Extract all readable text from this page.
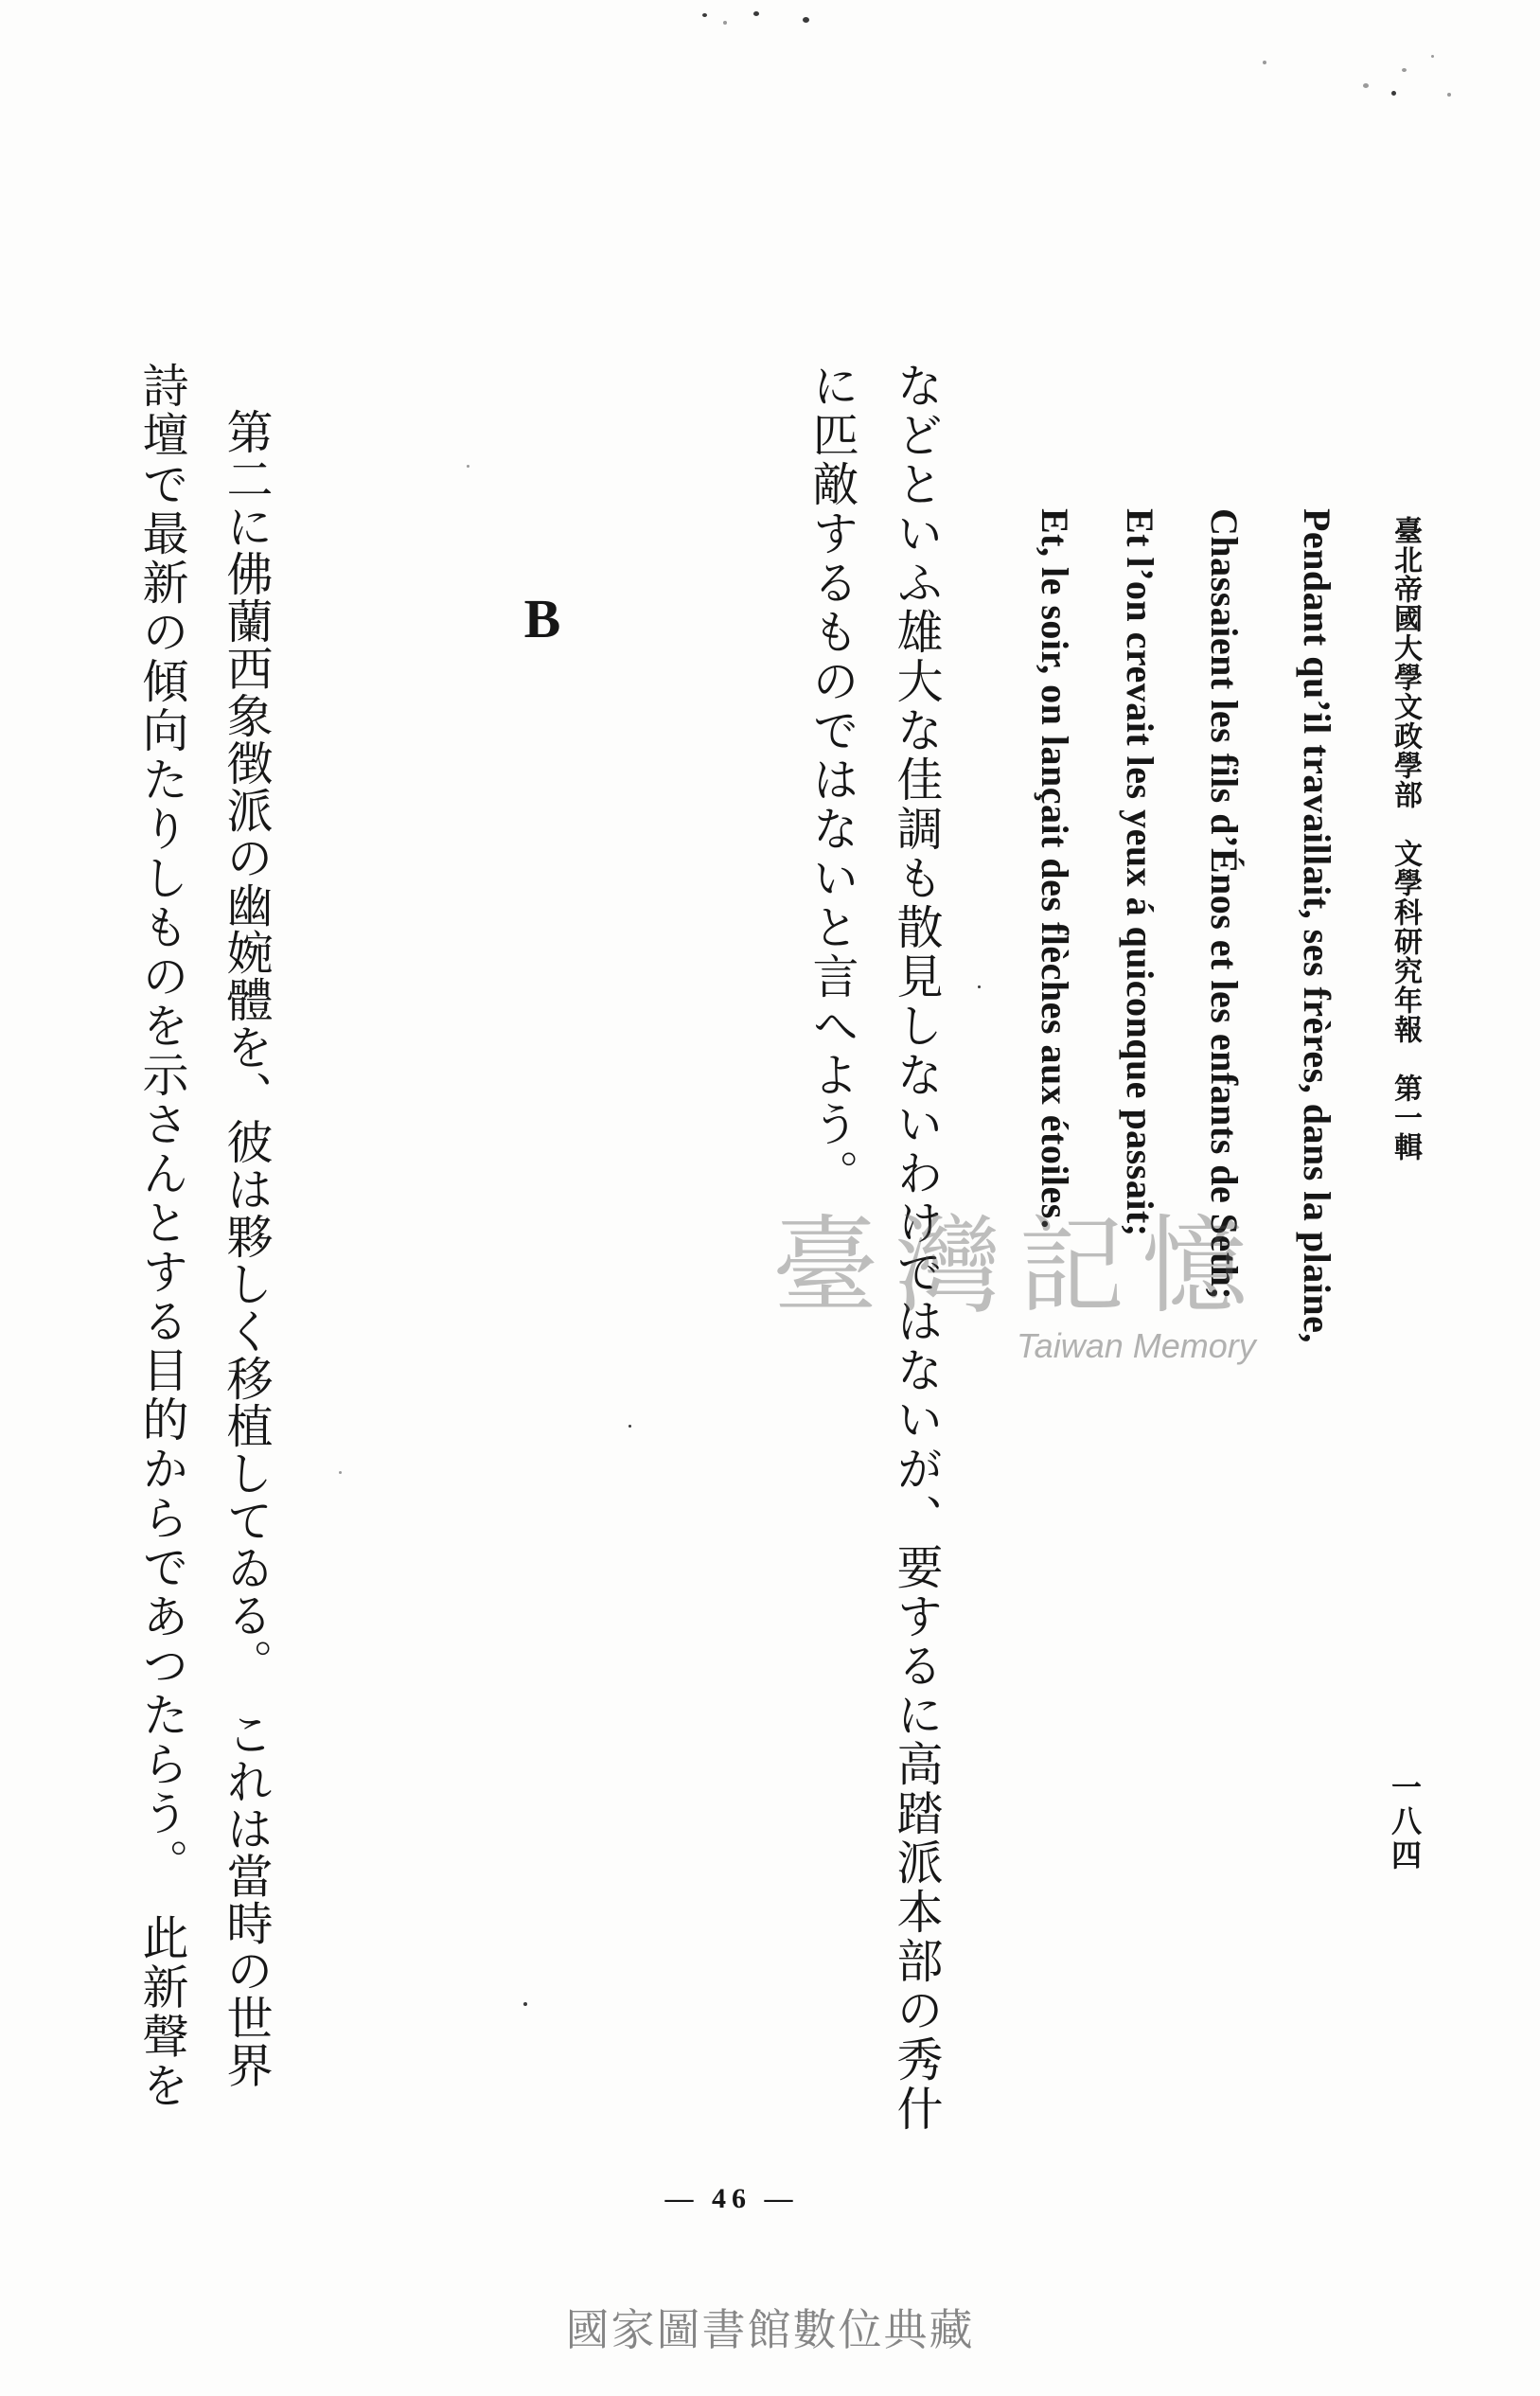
臺北帝國大學文政學部　文學科研究年報　第一輯
一八四
Pendant qu’il travaillait, ses frères, dans la plaine,
Chassaient les fils d’Énos et les enfants de Seth;
Et l’on crevait les yeux á quiconque passait;
Et, le soir, on lançait des flèches aux étoiles.
などといふ雄大な佳調も散見しないわけではないが、要するに高踏派本部の秀什
に匹敵するものではないと言へよう。
B
第二に佛蘭西象徴派の幽婉體を、彼は夥しく移植してゐる。　これは當時の世界
詩壇で最新の傾向たりしものを示さんとする目的からであつたらう。　此新聲を
— 46 —
臺灣記憶
Taiwan Memory
國家圖書館數位典藏
